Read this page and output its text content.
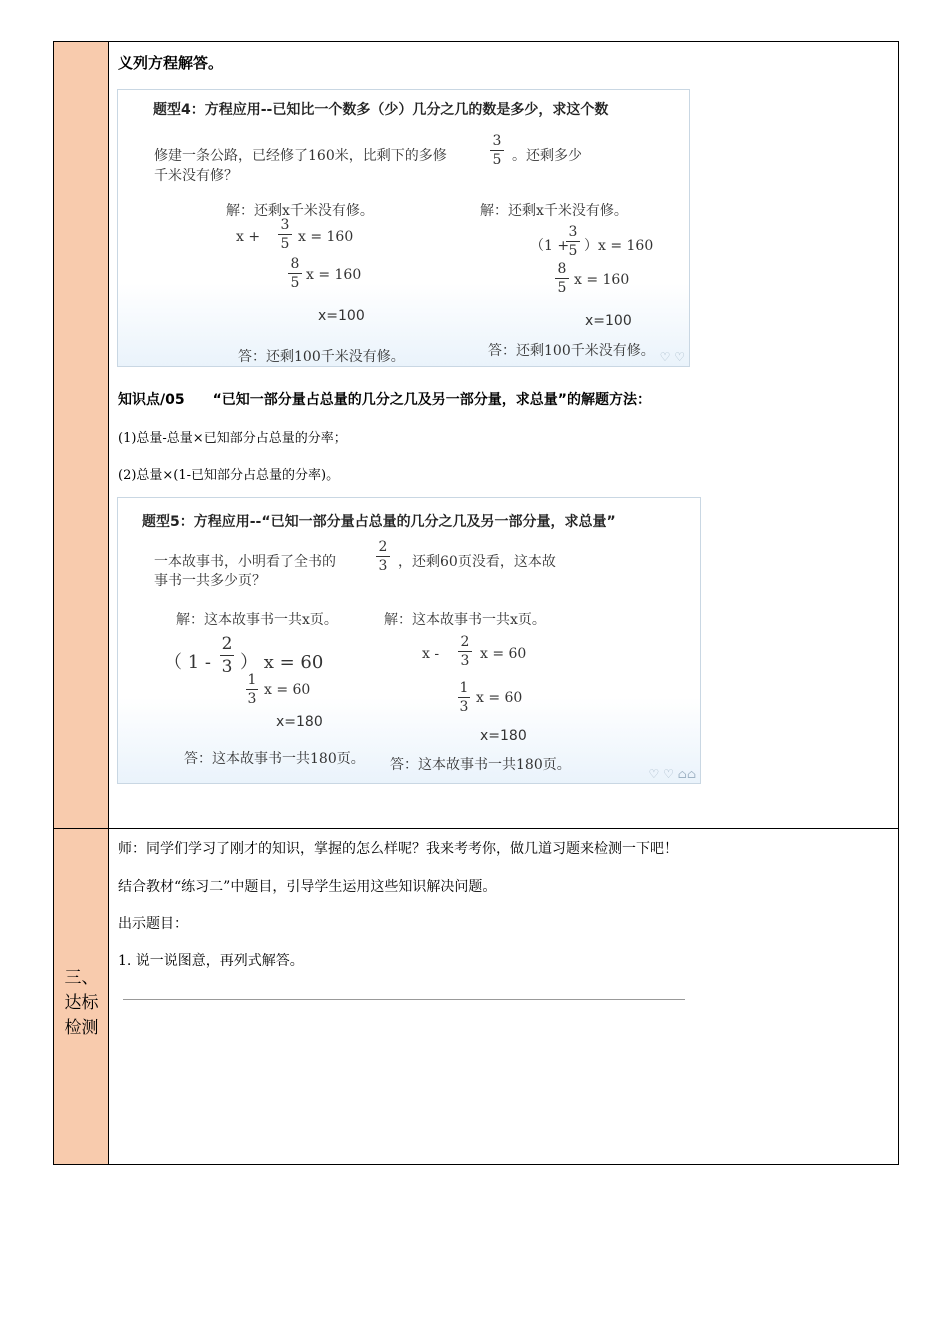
三、
达标
检测
义列方程解答。
题型4：方程应用--已知比一个数多（少）几分之几的数是多少，求这个数
修建一条公路，已经修了160米，比剩下的多修
3
5 。还剩多少
千米没有修？
解：还剩x千米没有修。
x +
3
5 x = 160
8
5 x = 160
x=100
答：还剩100千米没有修。
解：还剩x千米没有修。
（1 +
3
5 ）x = 160
8
5 x = 160
x=100
答：还剩100千米没有修。 ♡ ♡
知识点/05　　“已知一部分量占总量的几分之几及另一部分量，求总量”的解题方法：
(1)总量-总量×已知部分占总量的分率；
(2)总量×(1-已知部分占总量的分率)。
题型5：方程应用--“已知一部分量占总量的几分之几及另一部分量，求总量”
一本故事书，小明看了全书的
2
3 ，还剩60页没看，这本故
事书一共多少页？
解：这本故事书一共x页。
（ 1 -
2
3 ） x = 60
1
3
x = 60
x=180
答：这本故事书一共180页。
解：这本故事书一共x页。
x -
2
3 x = 60
1
3
x = 60
x=180
答：这本故事书一共180页。
♡ ♡ ⌂⌂
师：同学们学习了刚才的知识，掌握的怎么样呢？我来考考你，做几道习题来检测一下吧！
结合教材“练习二”中题目，引导学生运用这些知识解决问题。
出示题目：
1. 说一说图意，再列式解答。
